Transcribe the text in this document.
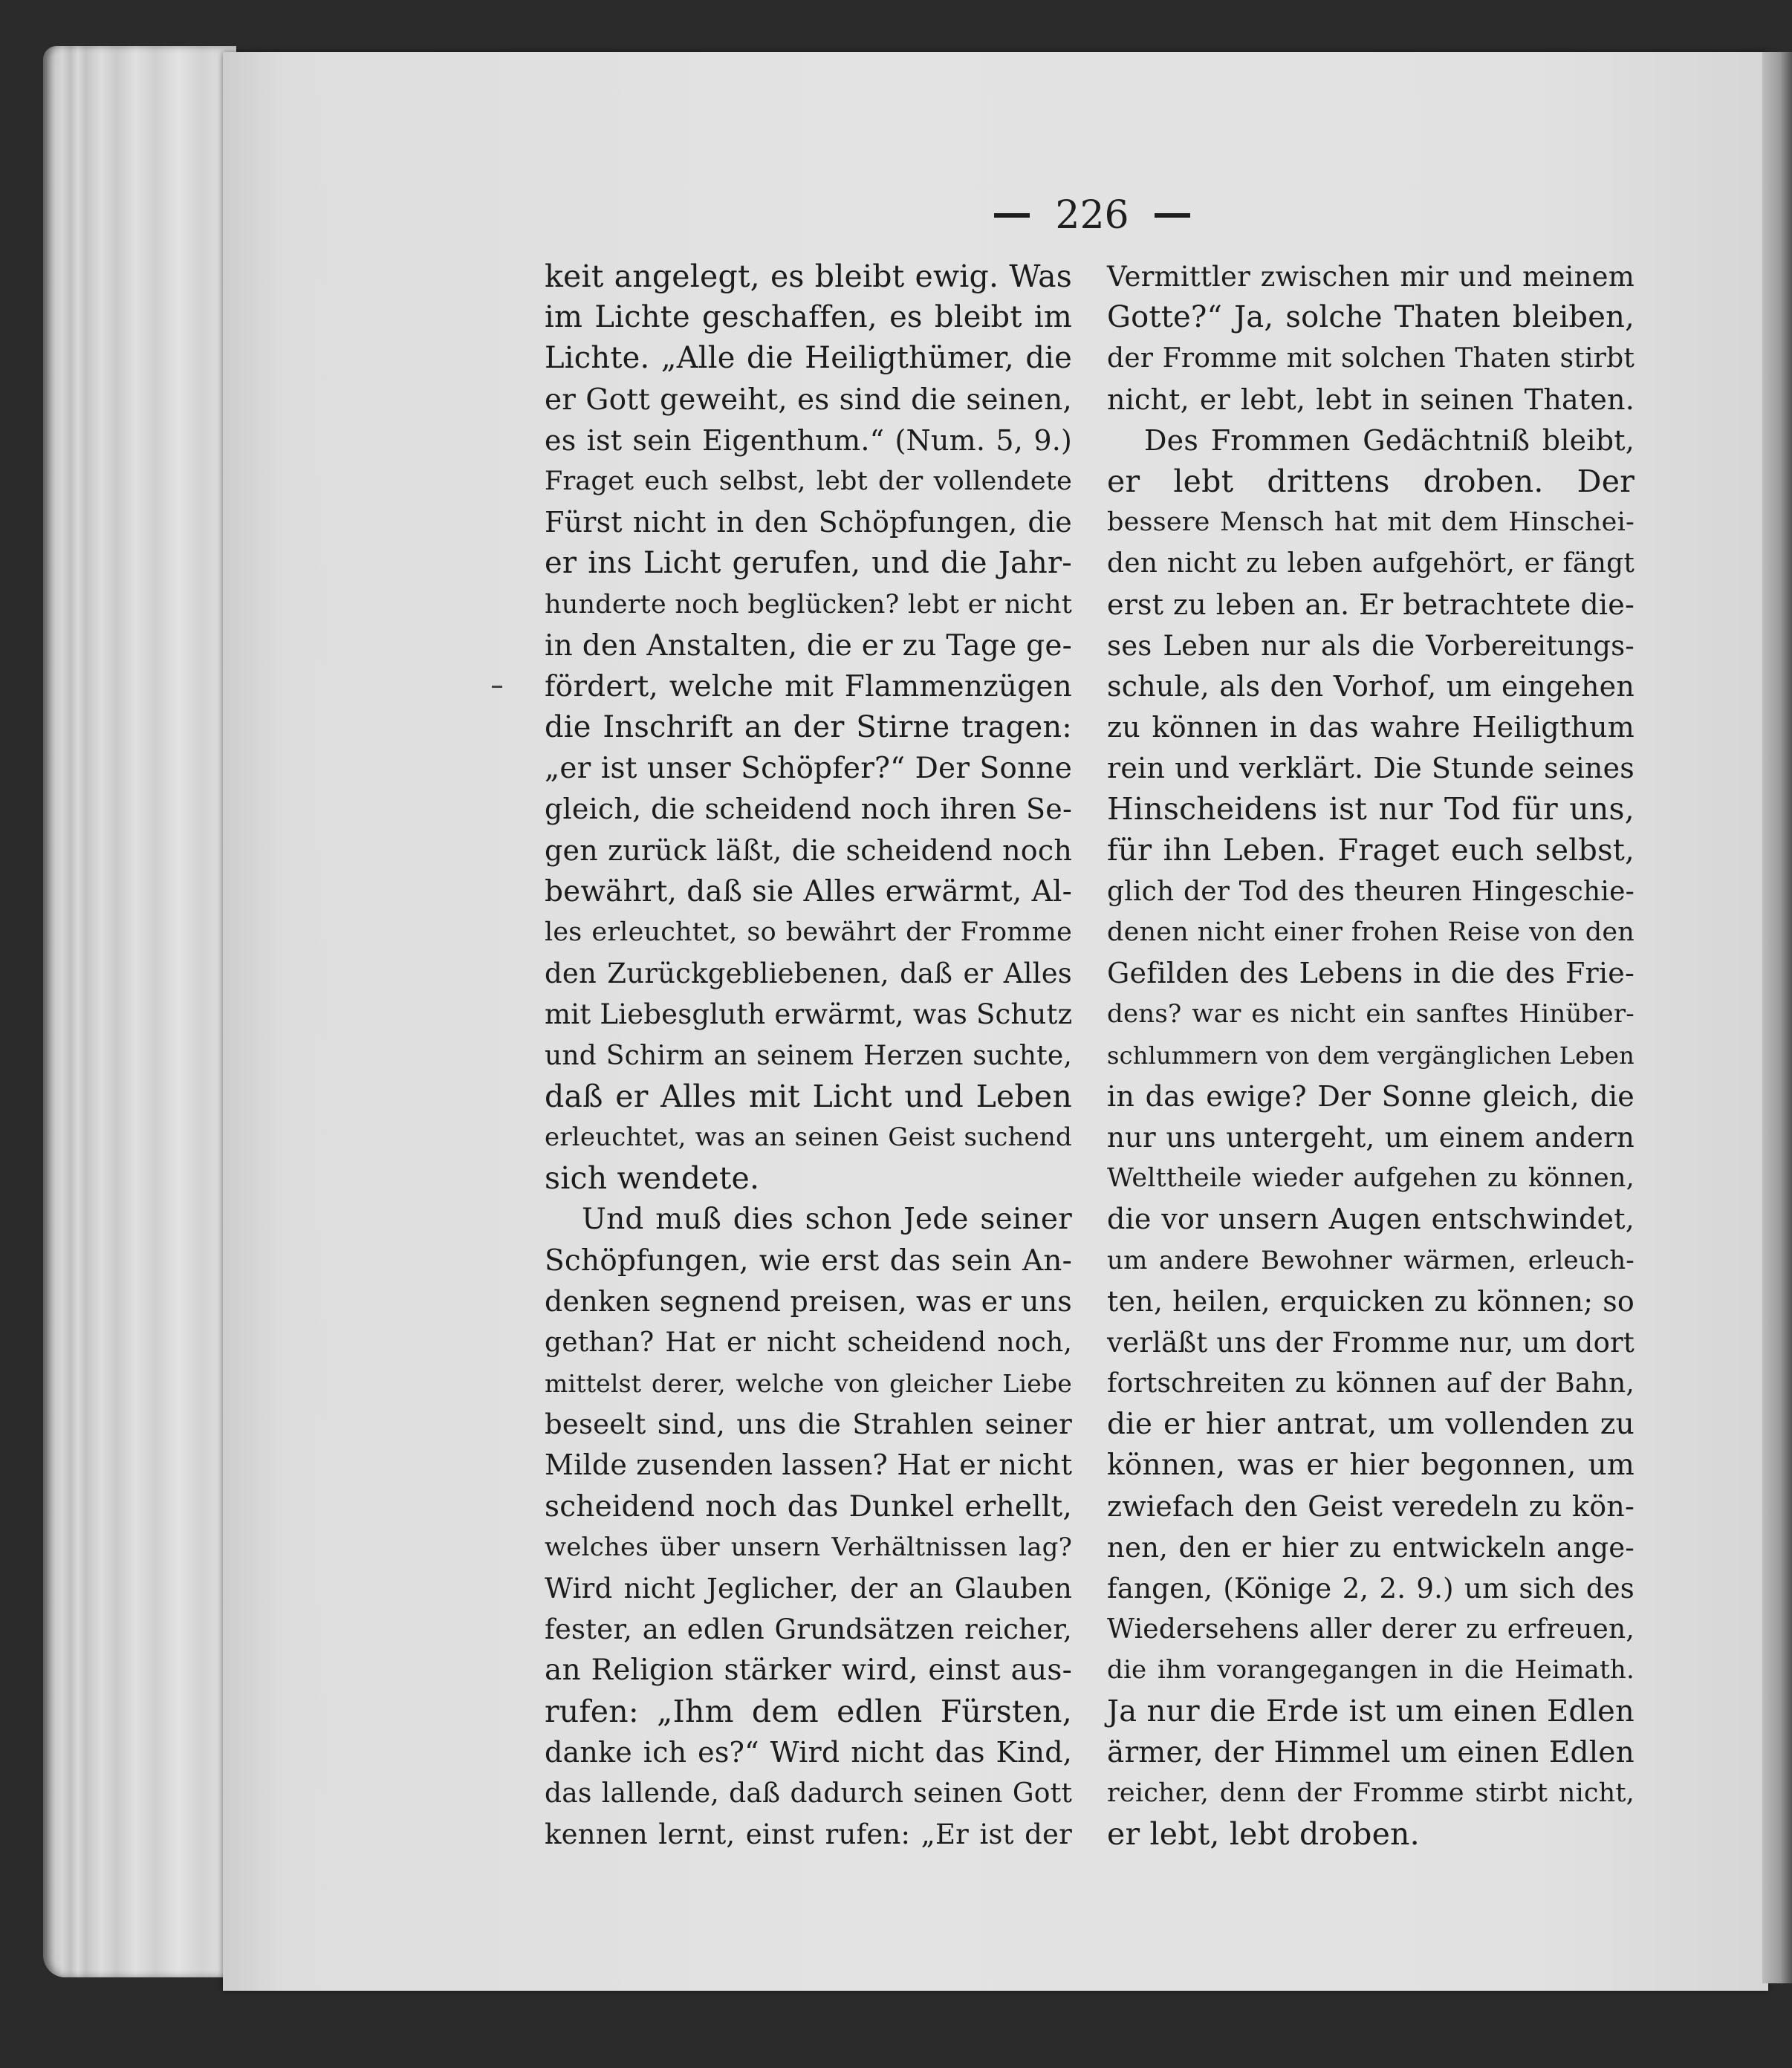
226
keit angelegt, es bleibt ewig. Was
im Lichte geschaffen, es bleibt im
Lichte. „Alle die Heiligthümer, die
er Gott geweiht, es sind die seinen,
es ist sein Eigenthum.“ (Num. 5, 9.)
Fraget euch selbst, lebt der vollendete
Fürst nicht in den Schöpfungen, die
er ins Licht gerufen, und die Jahr-
hunderte noch beglücken? lebt er nicht
in den Anstalten, die er zu Tage ge-
fördert, welche mit Flammenzügen
die Inschrift an der Stirne tragen:
„er ist unser Schöpfer?“ Der Sonne
gleich, die scheidend noch ihren Se-
gen zurück läßt, die scheidend noch
bewährt, daß sie Alles erwärmt, Al-
les erleuchtet, so bewährt der Fromme
den Zurückgebliebenen, daß er Alles
mit Liebesgluth erwärmt, was Schutz
und Schirm an seinem Herzen suchte,
daß er Alles mit Licht und Leben
erleuchtet, was an seinen Geist suchend
sich wendete.
Und muß dies schon Jede seiner
Schöpfungen, wie erst das sein An-
denken segnend preisen, was er uns
gethan? Hat er nicht scheidend noch,
mittelst derer, welche von gleicher Liebe
beseelt sind, uns die Strahlen seiner
Milde zusenden lassen? Hat er nicht
scheidend noch das Dunkel erhellt,
welches über unsern Verhältnissen lag?
Wird nicht Jeglicher, der an Glauben
fester, an edlen Grundsätzen reicher,
an Religion stärker wird, einst aus-
rufen: „Ihm dem edlen Fürsten,
danke ich es?“ Wird nicht das Kind,
das lallende, daß dadurch seinen Gott
kennen lernt, einst rufen: „Er ist der
Vermittler zwischen mir und meinem
Gotte?“ Ja, solche Thaten bleiben,
der Fromme mit solchen Thaten stirbt
nicht, er lebt, lebt in seinen Thaten.
Des Frommen Gedächtniß bleibt,
er lebt drittens droben. Der
bessere Mensch hat mit dem Hinschei-
den nicht zu leben aufgehört, er fängt
erst zu leben an. Er betrachtete die-
ses Leben nur als die Vorbereitungs-
schule, als den Vorhof, um eingehen
zu können in das wahre Heiligthum
rein und verklärt. Die Stunde seines
Hinscheidens ist nur Tod für uns,
für ihn Leben. Fraget euch selbst,
glich der Tod des theuren Hingeschie-
denen nicht einer frohen Reise von den
Gefilden des Lebens in die des Frie-
dens? war es nicht ein sanftes Hinüber-
schlummern von dem vergänglichen Leben
in das ewige? Der Sonne gleich, die
nur uns untergeht, um einem andern
Welttheile wieder aufgehen zu können,
die vor unsern Augen entschwindet,
um andere Bewohner wärmen, erleuch-
ten, heilen, erquicken zu können; so
verläßt uns der Fromme nur, um dort
fortschreiten zu können auf der Bahn,
die er hier antrat, um vollenden zu
können, was er hier begonnen, um
zwiefach den Geist veredeln zu kön-
nen, den er hier zu entwickeln ange-
fangen, (Könige 2, 2. 9.) um sich des
Wiedersehens aller derer zu erfreuen,
die ihm vorangegangen in die Heimath.
Ja nur die Erde ist um einen Edlen
ärmer, der Himmel um einen Edlen
reicher, denn der Fromme stirbt nicht,
er lebt, lebt droben.
